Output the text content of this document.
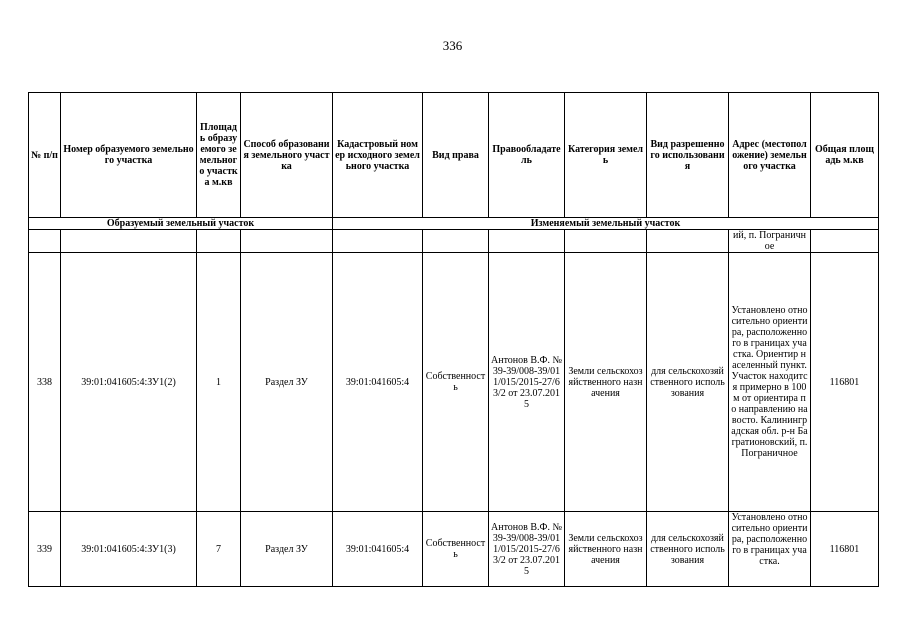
336
№ п/п	Номер образуемого земельного участка	Площадь образуемого земельного участка м.кв	Способ образования земельного участка	Кадастровый номер исходного земельного участка	Вид права	Правообладатель	Категория земель	Вид разрешенного использования	Адрес (местоположение) земельного участка	Общая площадь м.кв
Образуемый земельный участок				Изменяемый земельный участок						
									ий, п. Пограничное	
338	39:01:041605:4:ЗУ1(2)	1	Раздел ЗУ	39:01:041605:4	Собственность	Антонов В.Ф. № 39-39/008-39/011/015/2015-27/63/2 от 23.07.2015	Земли сельскохозяйственного назначения	для сельскохозяйственного использования	Установлено относительно ориентира, расположенного в границах участка. Ориентир населенный пункт. Участок находится примерно в 100 м от ориентира по направлению на восто. Калининградская обл. р-н Багратионовский, п. Пограничное	116801
339	39:01:041605:4:ЗУ1(3)	7	Раздел ЗУ	39:01:041605:4	Собственность	Антонов В.Ф. № 39-39/008-39/011/015/2015-27/63/2 от 23.07.2015	Земли сельскохозяйственного назначения	для сельскохозяйственного использования	Установлено относительно ориентира, расположенного в границах участка.	116801
